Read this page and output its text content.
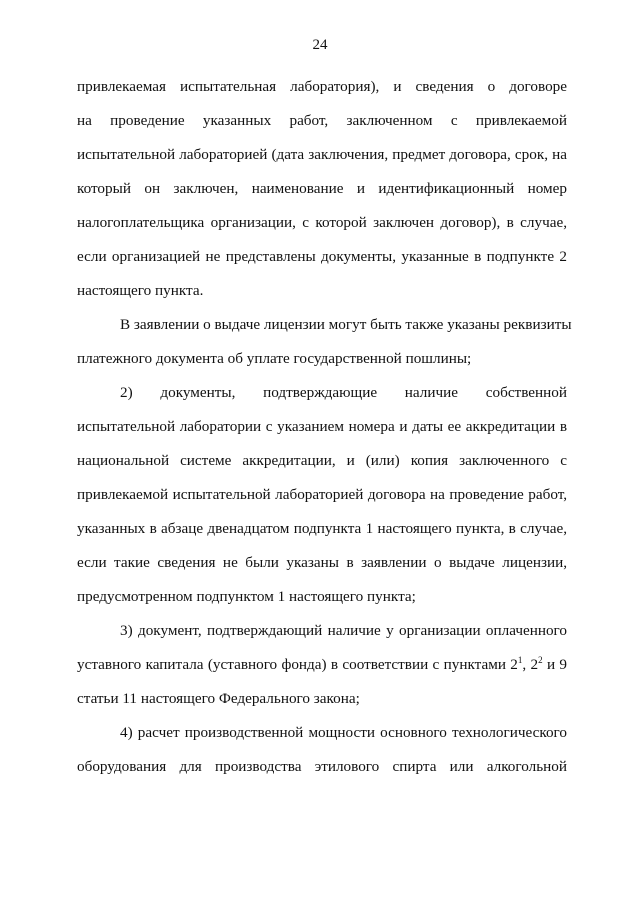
24
привлекаемая испытательная лаборатория), и сведения о договоре
на проведение указанных работ, заключенном с привлекаемой
испытательной лабораторией (дата заключения, предмет договора, срок, на
который он заключен, наименование и идентификационный номер
налогоплательщика организации, с которой заключен договор), в случае,
если организацией не представлены документы, указанные в подпункте 2
настоящего пункта.
В заявлении о выдаче лицензии могут быть также указаны реквизиты
платежного документа об уплате государственной пошлины;
2) документы, подтверждающие наличие собственной
испытательной лаборатории с указанием номера и даты ее аккредитации в
национальной системе аккредитации, и (или) копия заключенного с
привлекаемой испытательной лабораторией договора на проведение работ,
указанных в абзаце двенадцатом подпункта 1 настоящего пункта, в случае,
если такие сведения не были указаны в заявлении о выдаче лицензии,
предусмотренном подпунктом 1 настоящего пункта;
3) документ, подтверждающий наличие у организации оплаченного
уставного капитала (уставного фонда) в соответствии с пунктами $2^1$, $2^2$ и 9
статьи 11 настоящего Федерального закона;
4) расчет производственной мощности основного технологического
оборудования для производства этилового спирта или алкогольной
